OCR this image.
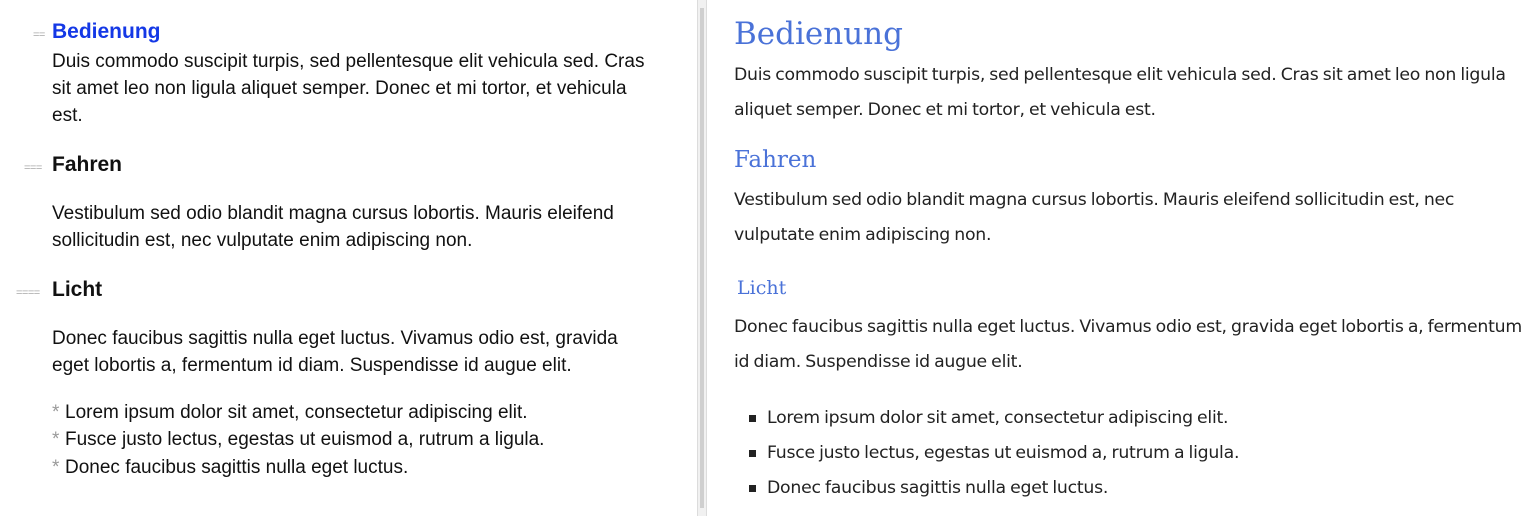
== Bedienung
Duis commodo suscipit turpis, sed pellentesque elit vehicula sed. Cras
sit amet leo non ligula aliquet semper. Donec et mi tortor, et vehicula
est.
=== Fahren
Vestibulum sed odio blandit magna cursus lobortis. Mauris eleifend
sollicitudin est, nec vulputate enim adipiscing non.
==== Licht
Donec faucibus sagittis nulla eget luctus. Vivamus odio est, gravida
eget lobortis a, fermentum id diam. Suspendisse id augue elit.
* Lorem ipsum dolor sit amet, consectetur adipiscing elit.
* Fusce justo lectus, egestas ut euismod a, rutrum a ligula.
* Donec faucibus sagittis nulla eget luctus.
Bedienung

Duis commodo suscipit turpis, sed pellentesque elit vehicula sed. Cras sit amet leo non ligula aliquet semper. Donec et mi tortor, et vehicula est.

Fahren

Vestibulum sed odio blandit magna cursus lobortis. Mauris eleifend sollicitudin est, nec vulputate enim adipiscing non.

Licht

Donec faucibus sagittis nulla eget luctus. Vivamus odio est, gravida eget lobortis a, fermentum id diam. Suspendisse id augue elit.

Lorem ipsum dolor sit amet, consectetur adipiscing elit.
Fusce justo lectus, egestas ut euismod a, rutrum a ligula.
Donec faucibus sagittis nulla eget luctus.
